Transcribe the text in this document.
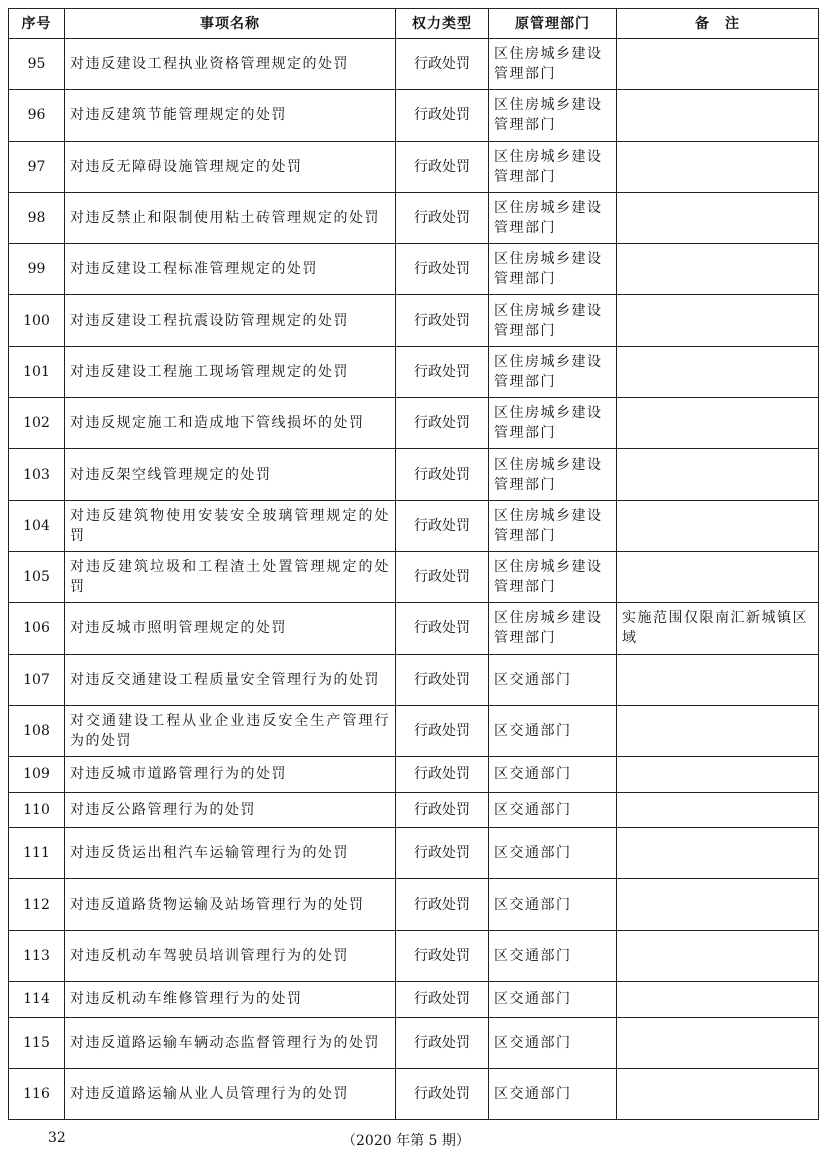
序号	事项名称	权力类型	原管理部门	备　注
95	对违反建设工程执业资格管理规定的处罚	行政处罚	区住房城乡建设管理部门	
96	对违反建筑节能管理规定的处罚	行政处罚	区住房城乡建设管理部门	
97	对违反无障碍设施管理规定的处罚	行政处罚	区住房城乡建设管理部门	
98	对违反禁止和限制使用粘土砖管理规定的处罚	行政处罚	区住房城乡建设管理部门	
99	对违反建设工程标准管理规定的处罚	行政处罚	区住房城乡建设管理部门	
100	对违反建设工程抗震设防管理规定的处罚	行政处罚	区住房城乡建设管理部门	
101	对违反建设工程施工现场管理规定的处罚	行政处罚	区住房城乡建设管理部门	
102	对违反规定施工和造成地下管线损坏的处罚	行政处罚	区住房城乡建设管理部门	
103	对违反架空线管理规定的处罚	行政处罚	区住房城乡建设管理部门	
104	对违反建筑物使用安装安全玻璃管理规定的处罚	行政处罚	区住房城乡建设管理部门	
105	对违反建筑垃圾和工程渣土处置管理规定的处罚	行政处罚	区住房城乡建设管理部门	
106	对违反城市照明管理规定的处罚	行政处罚	区住房城乡建设管理部门	实施范围仅限南汇新城镇区域
107	对违反交通建设工程质量安全管理行为的处罚	行政处罚	区交通部门	
108	对交通建设工程从业企业违反安全生产管理行为的处罚	行政处罚	区交通部门	
109	对违反城市道路管理行为的处罚	行政处罚	区交通部门	
110	对违反公路管理行为的处罚	行政处罚	区交通部门	
111	对违反货运出租汽车运输管理行为的处罚	行政处罚	区交通部门	
112	对违反道路货物运输及站场管理行为的处罚	行政处罚	区交通部门	
113	对违反机动车驾驶员培训管理行为的处罚	行政处罚	区交通部门	
114	对违反机动车维修管理行为的处罚	行政处罚	区交通部门	
115	对违反道路运输车辆动态监督管理行为的处罚	行政处罚	区交通部门	
116	对违反道路运输从业人员管理行为的处罚	行政处罚	区交通部门	
32	（2020 年第 5 期）
